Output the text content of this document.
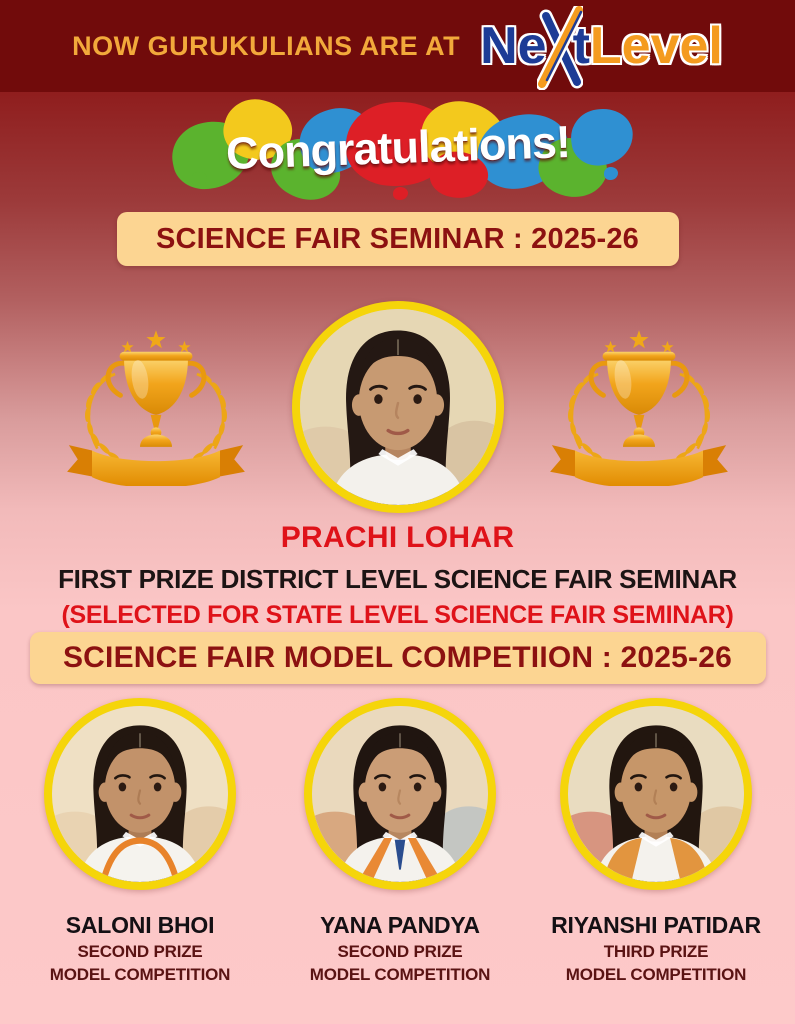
NOW GURUKULIANS ARE AT Ne t Level
Congratulations!
SCIENCE FAIR SEMINAR : 2025-26
PRACHI LOHAR
FIRST PRIZE DISTRICT LEVEL SCIENCE FAIR SEMINAR
(SELECTED FOR STATE LEVEL SCIENCE FAIR SEMINAR)
SCIENCE FAIR MODEL COMPETIION : 2025-26
SALONI BHOI
SECOND PRIZE
MODEL COMPETITION
YANA PANDYA
SECOND PRIZE
MODEL COMPETITION
RIYANSHI PATIDAR
THIRD PRIZE
MODEL COMPETITION
